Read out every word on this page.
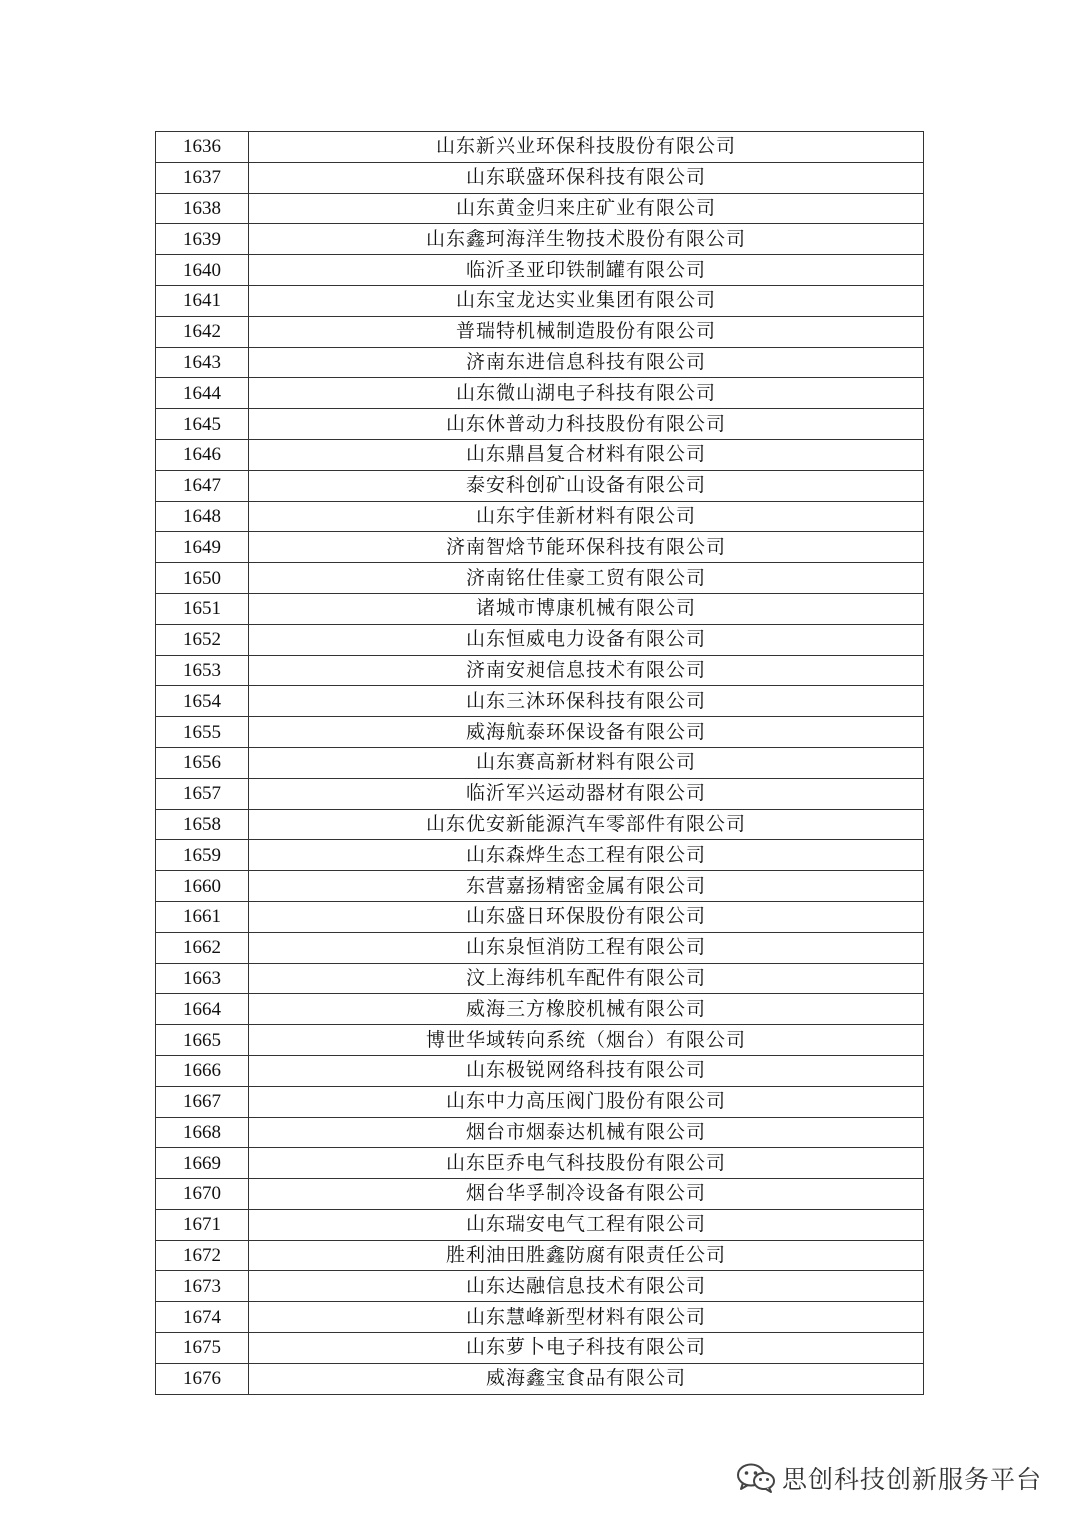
1636	山东新兴业环保科技股份有限公司
1637	山东联盛环保科技有限公司
1638	山东黄金归来庄矿业有限公司
1639	山东鑫珂海洋生物技术股份有限公司
1640	临沂圣亚印铁制罐有限公司
1641	山东宝龙达实业集团有限公司
1642	普瑞特机械制造股份有限公司
1643	济南东进信息科技有限公司
1644	山东微山湖电子科技有限公司
1645	山东休普动力科技股份有限公司
1646	山东鼎昌复合材料有限公司
1647	泰安科创矿山设备有限公司
1648	山东宇佳新材料有限公司
1649	济南智焓节能环保科技有限公司
1650	济南铭仕佳豪工贸有限公司
1651	诸城市博康机械有限公司
1652	山东恒威电力设备有限公司
1653	济南安昶信息技术有限公司
1654	山东三沐环保科技有限公司
1655	威海航泰环保设备有限公司
1656	山东赛高新材料有限公司
1657	临沂军兴运动器材有限公司
1658	山东优安新能源汽车零部件有限公司
1659	山东森烨生态工程有限公司
1660	东营嘉扬精密金属有限公司
1661	山东盛日环保股份有限公司
1662	山东泉恒消防工程有限公司
1663	汶上海纬机车配件有限公司
1664	威海三方橡胶机械有限公司
1665	博世华域转向系统（烟台）有限公司
1666	山东极锐网络科技有限公司
1667	山东中力高压阀门股份有限公司
1668	烟台市烟泰达机械有限公司
1669	山东臣乔电气科技股份有限公司
1670	烟台华孚制冷设备有限公司
1671	山东瑞安电气工程有限公司
1672	胜利油田胜鑫防腐有限责任公司
1673	山东达融信息技术有限公司
1674	山东慧峰新型材料有限公司
1675	山东萝卜电子科技有限公司
1676	威海鑫宝食品有限公司
思创科技创新服务平台
